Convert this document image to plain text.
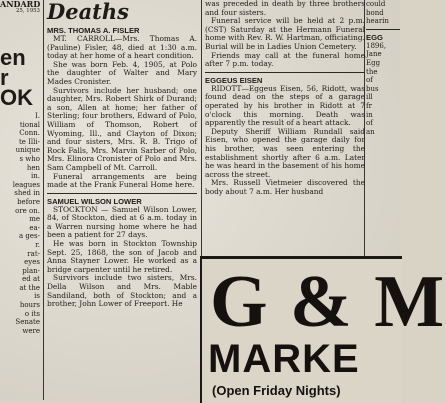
ANDARD
25, 1953
en
r OK

I.

tional

Conn.

te Illi-

unique

s who

hen

in.

leagues

shed in

before

ore on.

me

ea-

a ges-

r.

rat-

eyes

plan-

ed at

at the

is

hours

o its

Senate

were

Deaths
MRS. THOMAS A. FISLER

MT. CARROLL—Mrs. Thomas A. (Pauline) Fisler, 48, died at 1:30 a.m. today at her home of a heart condition.

She was born Feb. 4, 1905, at Polo the daughter of Walter and Mary Mades Cronister.

Survivors include her husband; one daughter, Mrs. Robert Shirk of Durand; a son, Allen at home; her father of Sterling; four brothers, Edward of Polo, William of Thomson, Robert of Wyoming, Ill., and Clayton of Dixon; and four sisters, Mrs. R. B. Trigo of Rock Falls, Mrs. Marvin Sarber of Polo, Mrs. Elinora Cronister of Polo and Mrs. Sam Campbell of Mt. Carroll.

Funeral arrangements are being made at the Frank Funeral Home here.

SAMUEL WILSON LOWER

STOCKTON — Samuel Wilson Lower, 84, of Stockton, died at 6 a.m. today in a Warren nursing home where he had been a patient for 27 days.

He was born in Stockton Township Sept. 25, 1868, the son of Jacob and Anna Stayner Lower. He worked as a bridge carpenter until he retired.

Survivors include two sisters, Mrs. Della Wilson and Mrs. Mable Sandiland, both of Stockton; and a brother, John Lower of Freeport. He

was preceded in death by three brothers and four sisters.

Funeral service will be held at 2 p.m. (CST) Saturday at the Hermann Funeral home with Rev. R. W. Hartman, officiating. Burial will be in Ladies Union Cemetery.

Friends may call at the funeral home after 7 p.m. today.

EGGEUS EISEN

RIDOTT—Eggeus Eisen, 56, Ridott, was found dead on the steps of a garage operated by his brother in Ridott at 7 o'clock this morning. Death was apparently the result of a heart attack.

Deputy Sheriff William Rundall said Eisen, who opened the garage daily for his brother, was seen entering the establishment shortly after 6 a.m. Later he was heard in the basement of his home across the street.

Mrs. Russell Vietmeier discovered the body about 7 a.m. Her husband

could

bond

hearin

EGG

1896,

Jane

Egg

the

of

bus

ill

fr

in

of

an

G & M
MARKE
(Open Friday Nights)
